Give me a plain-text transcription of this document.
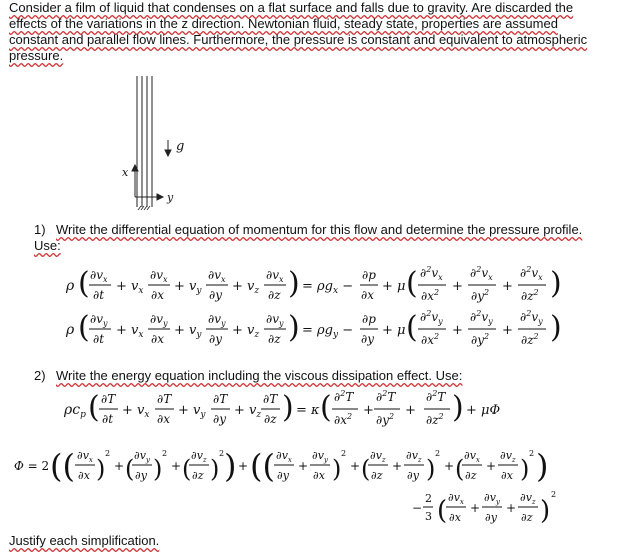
Consider a film of liquid that condenses on a flat surface and falls due to gravity. Are discarded the effects of the variations in the z direction. Newtonian fluid, steady state, properties are assumed constant and parallel flow lines. Furthermore, the pressure is constant and equivalent to atmospheric pressure.
g
x
y
1) Write the differential equation of momentum for this flow and determine the pressure profile. Use:
ρ ( $\partial v_x$
∂t
+ $v_x$
$\partial v_x$
∂x
+ $v_y$
$\partial v_x$
∂y
+ $v_z$
$\partial v_x$
∂z ) = $\rho g_x$ −
∂p
∂x
+ μ ( $\partial^2v_x$
$\partial x^2$ +
$\partial^2v_x$
$\partial y^2$ +
$\partial^2v_x$
$\partial z^2$ )
ρ ( $\partial v_y$
∂t
+ $v_x$
$\partial v_y$
∂x
+ $v_y$
$\partial v_y$
∂y
+ $v_z$
$\partial v_y$
∂z ) = $\rho g_y$ −
∂p
∂y
+ μ ( $\partial^2v_y$
$\partial x^2$ +
$\partial^2v_y$
$\partial y^2$ +
$\partial^2v_y$
$\partial z^2$ )
$\rho c_p$ ( ∂T
∂t
+ $v_x$
∂T
∂x
+ $v_y$
∂T
∂y
+ $v_z$
∂T
∂z ) = κ ( ∂$^2$T
$\partial x^2$ +
∂$^2$T
$\partial y^2$ +
∂$^2$T
$\partial z^2$ ) + μΦ
Φ = 2 (( $\partial v_x$
∂x )
2
+ ( $\partial v_y$
∂y )
2
+ ( $\partial v_z$
∂z )
2 ) + (( $\partial v_x$
∂y
+
$\partial v_y$
∂x )
2
+ ( $\partial v_z$
∂z
+
$\partial v_z$
∂y )
2
+ ( $\partial v_x$
∂z
+
$\partial v_z$
∂x )
2 )
−
2
3 ( $\partial v_x$
∂x
+
$\partial v_y$
∂y
+
$\partial v_z$
∂z )
2
2) Write the energy equation including the viscous dissipation effect. Use:
Justify each simplification.
